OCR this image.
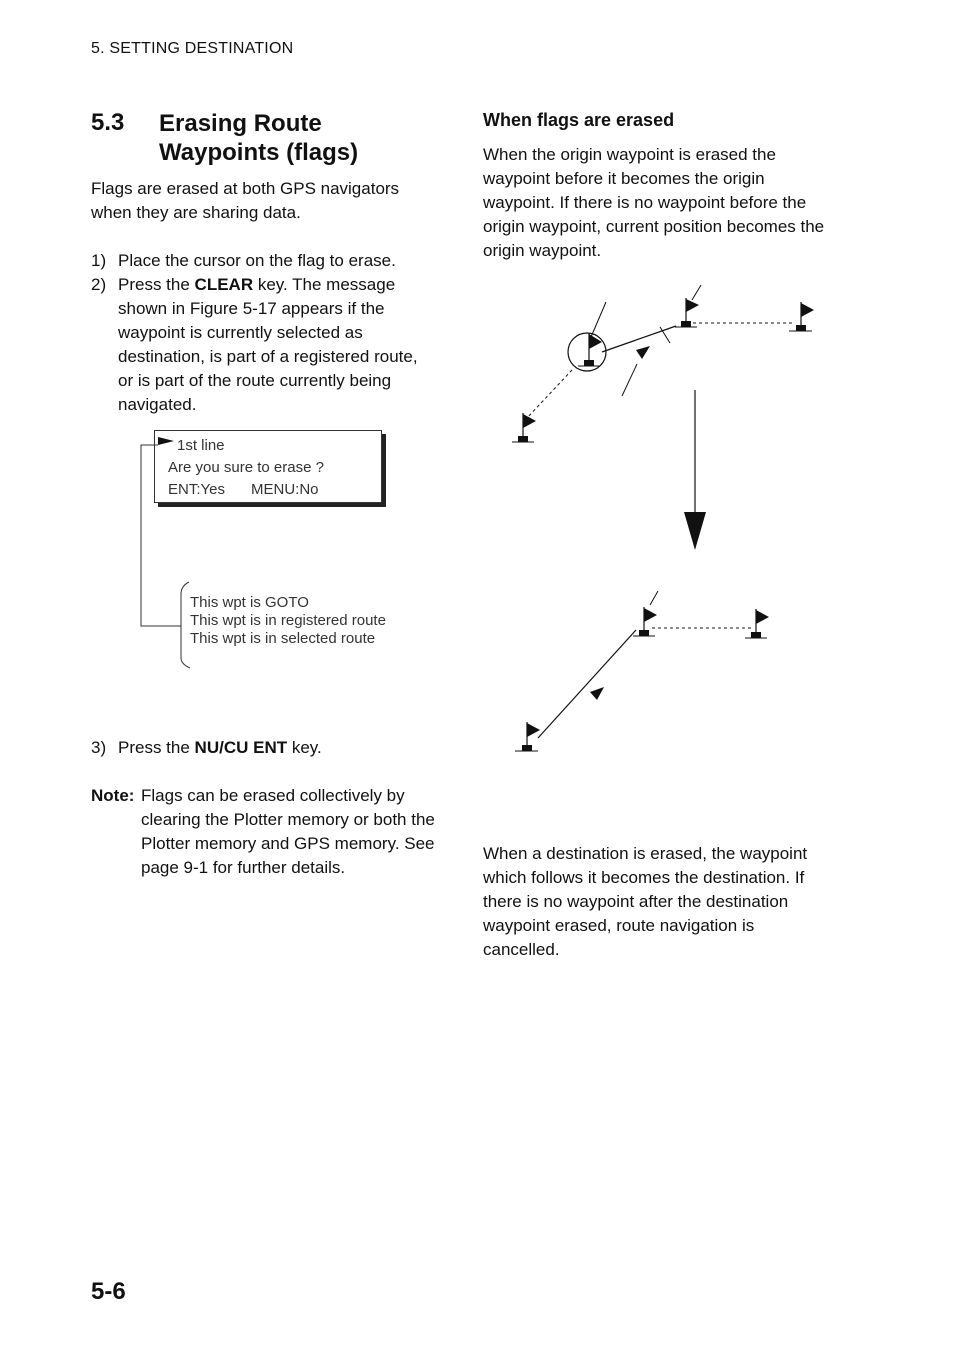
5. SETTING DESTINATION
5.3 Erasing Route
Waypoints (flags)
Flags are erased at both GPS navigators
when they are sharing data.
1) Place the cursor on the flag to erase.
2) Press the CLEAR key. The message
shown in Figure 5-17 appears if the
waypoint is currently selected as
destination, is part of a registered route,
or is part of the route currently being
navigated.
1st line
Are you sure to erase ?
ENT:Yes MENU:No
This wpt is GOTO
This wpt is in registered route
This wpt is in selected route
3) Press the NU/CU ENT key.
Note: Flags can be erased collectively by
clearing the Plotter memory or both the
Plotter memory and GPS memory. See
page 9-1 for further details.
When flags are erased
When the origin waypoint is erased the
waypoint before it becomes the origin
waypoint. If there is no waypoint before the
origin waypoint, current position becomes the
origin waypoint.
When a destination is erased, the waypoint
which follows it becomes the destination. If
there is no waypoint after the destination
waypoint erased, route navigation is
cancelled.
5-6
